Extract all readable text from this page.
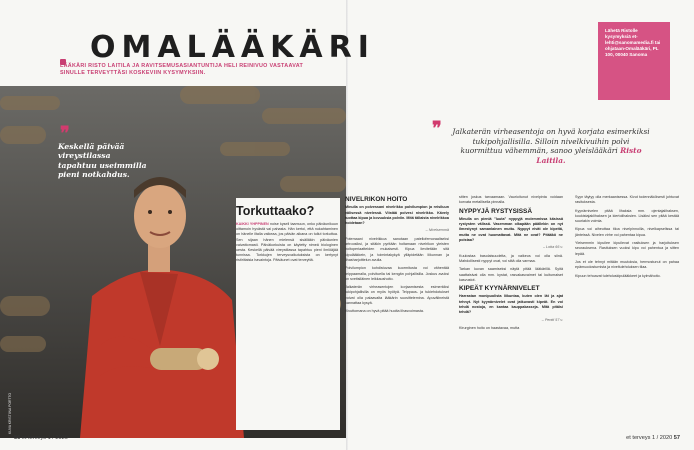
OMALÄÄKÄRI
LÄÄKÄRI RISTO LAITILA JA RAVITSEMUSASIANTUNTIJA HELI REINIVUO VASTAAVAT SINULLE TERVEYTTÄSI KOSKEVIIN KYSYMYKSIIN.
Lähetä Ristolle kysymyksiä et-lehti@sanomamedia.fi tai ohjataan-Omalääkäri, PL 100, 00040 Sanoma
KUVA KRISTIINA PORTTO
❞
Keskellä päivää vireystilassa tapahtuu useimmilla pieni notkahdus.
Torkuttaako?

KAIKKI YHPPINEN noise kysell taamuun, onko päiväunikuun oittamoin hyvästä vai pahasta. Hän kertoi, että nukahtaminen on hänelle iltalla vaikeaa, jos päivän aikana on tullut torkuttua. Sen sijaan hänen mielensä sisälläkin päiväunien vaivattomasti. Päiväkorkuista on käytetty nimeä biologinen uesta. Keskellä päivää vireystilassa tapahtuu pieni ilmiöäjää tunnissa. Torkkujen terveysvaikutuksista on kertynyt ristiriitaisia havaintoja. Päiväunet ovat terveyttä.

❞ Jalkaterän virheasentoja on hyvä korjata esimerkiksi tukipohjallisilla. Silloin nivelkivuihin polvi kuormittuu vähemmän, sanoo yleislääkäri Risto Laitila.
NIVELRIKON HOITO
Minulla on polvessani nivelrikko polvilumpion ja reisiluun välisessä nivelessä. Viistää polvesi nivelrikko. Kävely tuottaa kipua ja kovuuksia polviin. Mitä tällaista nivelrikkoa hoidetaan?
– Nivelsemmä

Potemaani nivelrikkoa sanotaan patellofemoraaliseksi artroosiksi, ja sitäkin pyritään hoitamaan nivelrikon yleisten hoitoperiaatteiden mukaisesti. Kipua lievitetään sitä kipulääkkein, ja toimintakykyä ylläpidetään liikunnan ja lihasharjoittelun avulla.

Polvilumpion kohdistuvaa kuormitusta voi vähentää teippaamalla, polvituella tai kengän pohjallisilla. Joskus avuksi on sveitsiläinen leikkaushoito.

Jalkaterän virheasentojen korjaamisesta esimerkiksi tukipohjallisilla on myös hyötyä. Teippaus- ja tukiehdotukset voivat olla palaavalta lääkärin suosittelemina. Apuvälineistä kannattaa kysyä.

Kivuttomana on hyvä pitää huolta lihasvoimasta.

sitten joskus tarvaamaan. Vaurioitunut nivelpinta voidaan korvata metallisella pinnalla.

NYPPYJÄ RYSTYSISSÄ
Minulla on pieniä "luuta" nyppyjä molemmissa käsissä rystysten välissä. Vasemman olkapään päällekin on nyt ilmestynyt samanlainen muttu. Nyppyt eivät ole kipeitä, mutta ne ovat huomattavat. Mitä ne ovat? Pitääkö ne poistaa?
– Lotta 66 v.

Kuulostaa basolaisuudelta, ja vaikeus voi olla siinä. Mahdollisesti nyppyt ovat, voi siitä olla varmaa.

Tarkan kuvan saamiseksi näytä pitää lääkärillä. Syitä saattaisivat olla mm. kystat, rasvakasvaimet tai kuitumaiset kasvustot.

KIPEÄT KYYNÄRNIVELET
Harrastan monipuolista liikuntaa, kuten olen lät ja ajat tehnyt. Nyt kyynärnivelet ovat jatkuvasti kipeät. En voi tehdä nostoja, en kantaa kauppakasseja. Mitä pitäisi tehdä?
– Pentti 57 v.

Kirurginen hoito on haastavaa, mutta

Syyn täytyy olla merkaanisessa. Kivut todennäköisesti johtuvat rasituksesta.

Kyynärnivelen pitää lihaksia mm. ojentajalihaksen, koukistajaklihaksen ja kiertolihaksien. Lisäksi sen pitää kestää suuriakin voimia.

Kipua voi aiheuttaa tiloa nivelpinnoilla, nivelkapselissa tai jänteissä. Nivelen virhe voi pahentaa kipua.

Yleisemmin kipuilee kipuilevat rasituksen ja harjoituksen seurauksena. Rasituksen vuoksi kipu voi pahentua ja sitten lepää.

Jos et ole tehnyt mitään muutoksia, hermostunut on pahaa epämuodostumista ja niveltulehduksen tilaa.

Kipuun tehoavat tulehduskipulääkkeet ja kylmähoito.

56 et terveys 1 / 2020	et terveys 1 / 2020 57
